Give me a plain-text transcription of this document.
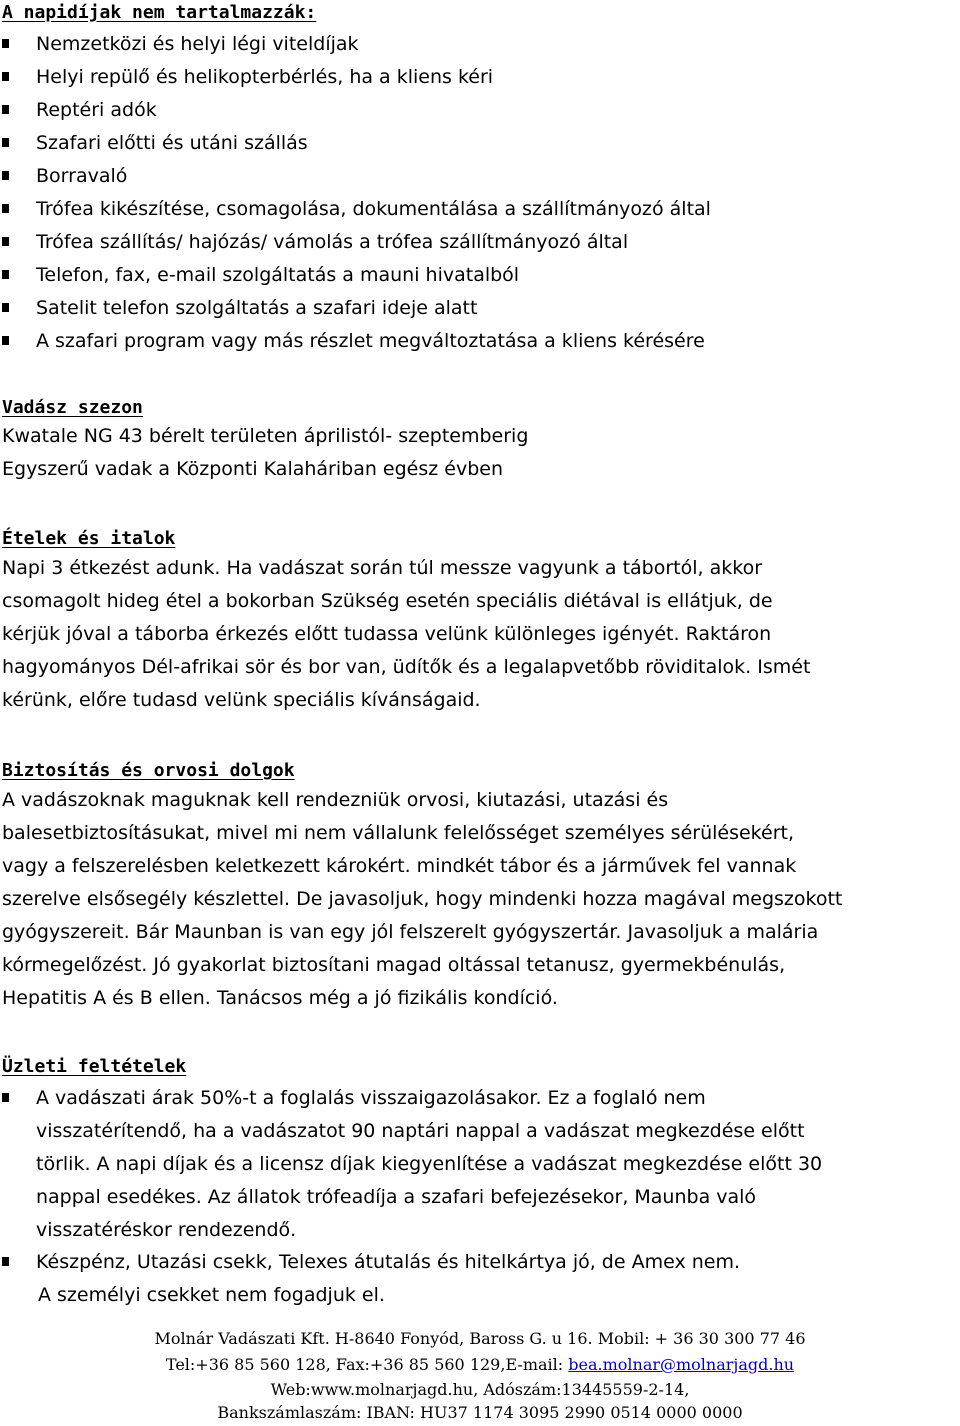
A napidíjak nem tartalmazzák:
Nemzetközi és helyi légi viteldíjak
Helyi repülő és helikopterbérlés, ha a kliens kéri
Reptéri adók
Szafari előtti és utáni szállás
Borravaló
Trófea kikészítése, csomagolása, dokumentálása a szállítmányozó által
Trófea szállítás/ hajózás/ vámolás a trófea szállítmányozó által
Telefon, fax, e-mail szolgáltatás a mauni hivatalból
Satelit telefon szolgáltatás a szafari ideje alatt
A szafari program vagy más részlet megváltoztatása a kliens kérésére
Vadász szezon

Kwatale NG 43 bérelt területen áprilistól- szeptemberig

Egyszerű vadak a Központi Kalaháriban egész évben

Ételek és italok

Napi 3 étkezést adunk. Ha vadászat során túl messze vagyunk a tábortól, akkor

csomagolt hideg étel a bokorban Szükség esetén speciális diétával is ellátjuk, de

kérjük jóval a táborba érkezés előtt tudassa velünk különleges igényét. Raktáron

hagyományos Dél-afrikai sör és bor van, üdítők és a legalapvetőbb röviditalok. Ismét

kérünk, előre tudasd velünk speciális kívánságaid.

Biztosítás és orvosi dolgok

A vadászoknak maguknak kell rendezniük orvosi, kiutazási, utazási és

balesetbiztosításukat, mivel mi nem vállalunk felelősséget személyes sérülésekért,

vagy a felszerelésben keletkezett károkért. mindkét tábor és a járművek fel vannak

szerelve elsősegély készlettel. De javasoljuk, hogy mindenki hozza magával megszokott

gyógyszereit. Bár Maunban is van egy jól felszerelt gyógyszertár. Javasoljuk a malária

kórmegelőzést. Jó gyakorlat biztosítani magad oltással tetanusz, gyermekbénulás,

Hepatitis A és B ellen. Tanácsos még a jó fizikális kondíció.

Üzleti feltételek
A vadászati árak 50%-t a foglalás visszaigazolásakor. Ez a foglaló nem

visszatérítendő, ha a vadászatot 90 naptári nappal a vadászat megkezdése előtt

törlik. A napi díjak és a licensz díjak kiegyenlítése a vadászat megkezdése előtt 30

nappal esedékes. Az állatok trófeadíja a szafari befejezésekor, Maunba való

visszatéréskor rendezendő.

Készpénz, Utazási csekk, Telexes átutalás és hitelkártya jó, de Amex nem.

A személyi csekket nem fogadjuk el.

Molnár Vadászati Kft. H-8640 Fonyód, Baross G. u 16. Mobil: + 36 30 300 77 46

Tel:+36 85 560 128, Fax:+36 85 560 129,E-mail: bea.molnar@molnarjagd.hu

Web:www.molnarjagd.hu, Adószám:13445559-2-14,

Bankszámlaszám: IBAN: HU37 1174 3095 2990 0514 0000 0000
